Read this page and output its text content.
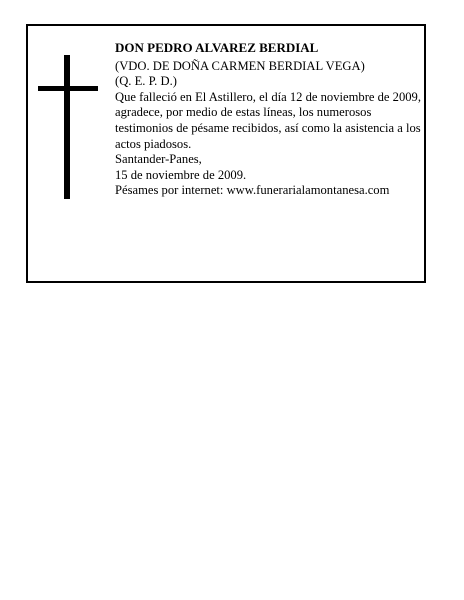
DON PEDRO ALVAREZ BERDIAL

(VDO. DE DOÑA CARMEN BERDIAL VEGA)

(Q. E. P. D.)

Que falleció en El Astillero, el día 12 de noviembre de 2009,

agradece, por medio de estas líneas, los numerosos testimonios de pésame recibidos, así como la asistencia a los actos piadosos.

Santander-Panes,

15 de noviembre de 2009.

Pésames por internet: www.funerarialamontanesa.com
